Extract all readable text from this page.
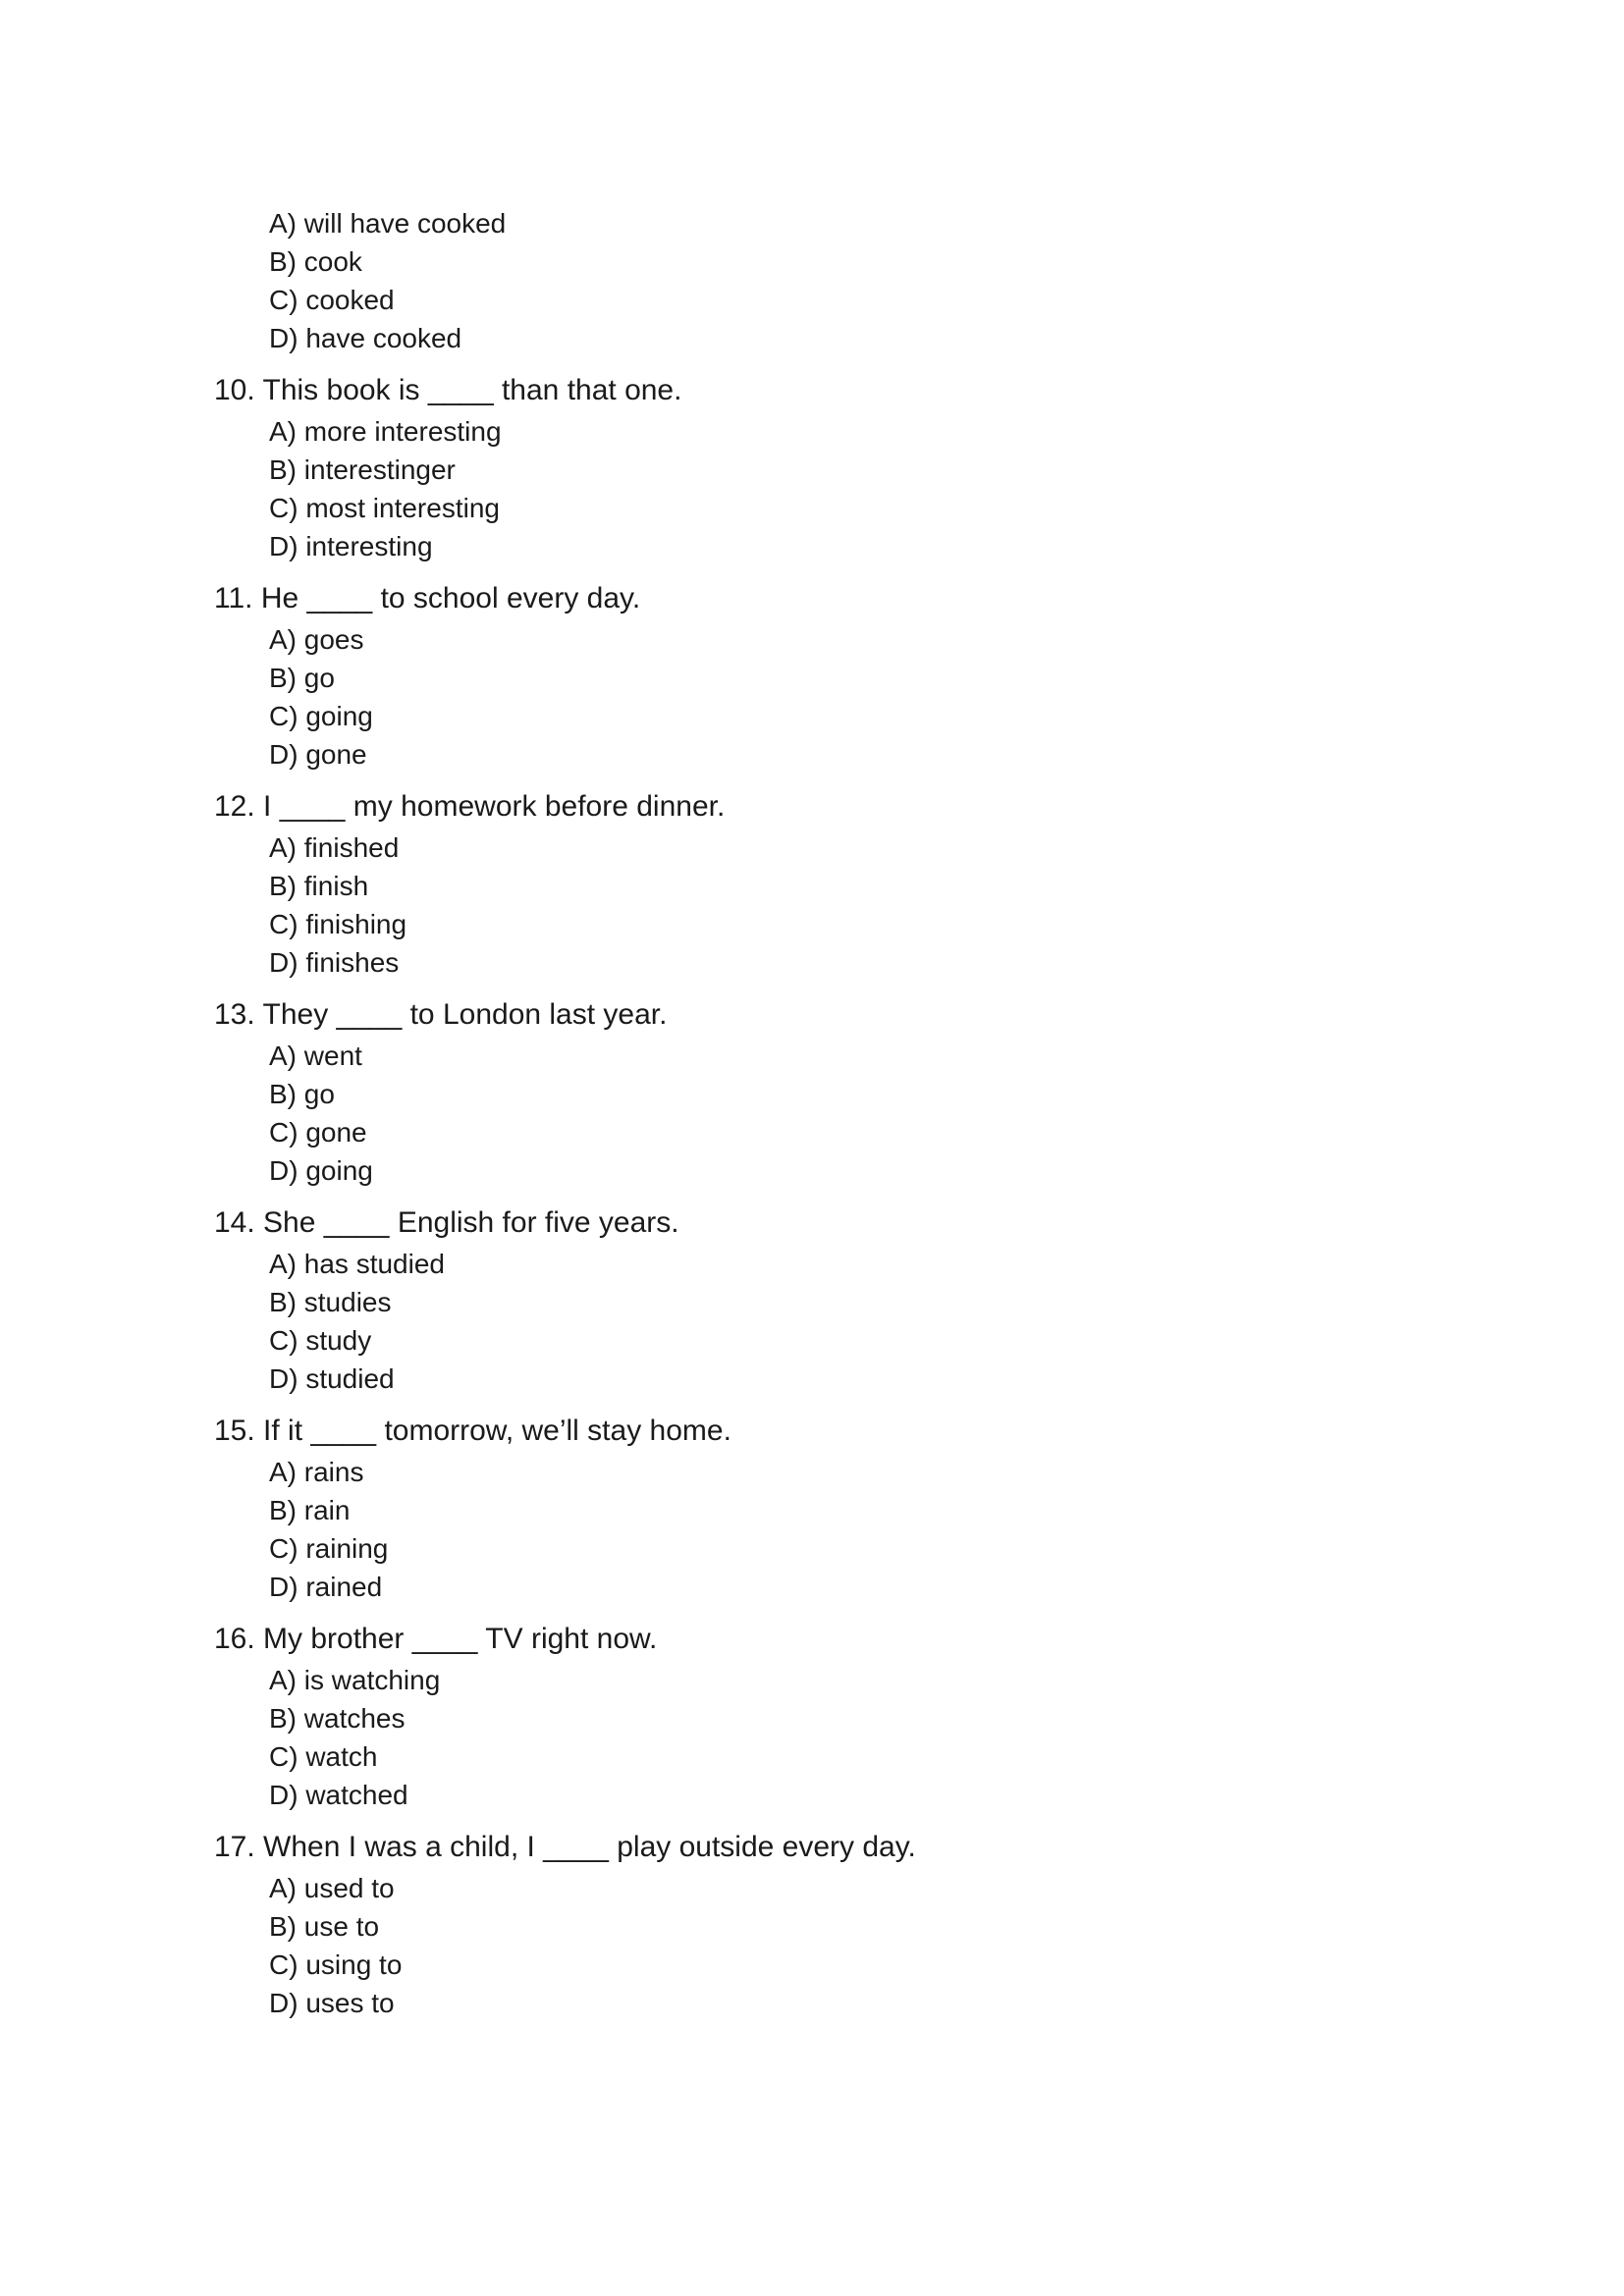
A) will have cooked
B) cook
C) cooked
D) have cooked
10. This book is ____ than that one.
A) more interesting
B) interestinger
C) most interesting
D) interesting
11. He ____ to school every day.
A) goes
B) go
C) going
D) gone
12. I ____ my homework before dinner.
A) finished
B) finish
C) finishing
D) finishes
13. They ____ to London last year.
A) went
B) go
C) gone
D) going
14. She ____ English for five years.
A) has studied
B) studies
C) study
D) studied
15. If it ____ tomorrow, we’ll stay home.
A) rains
B) rain
C) raining
D) rained
16. My brother ____ TV right now.
A) is watching
B) watches
C) watch
D) watched
17. When I was a child, I ____ play outside every day.
A) used to
B) use to
C) using to
D) uses to
